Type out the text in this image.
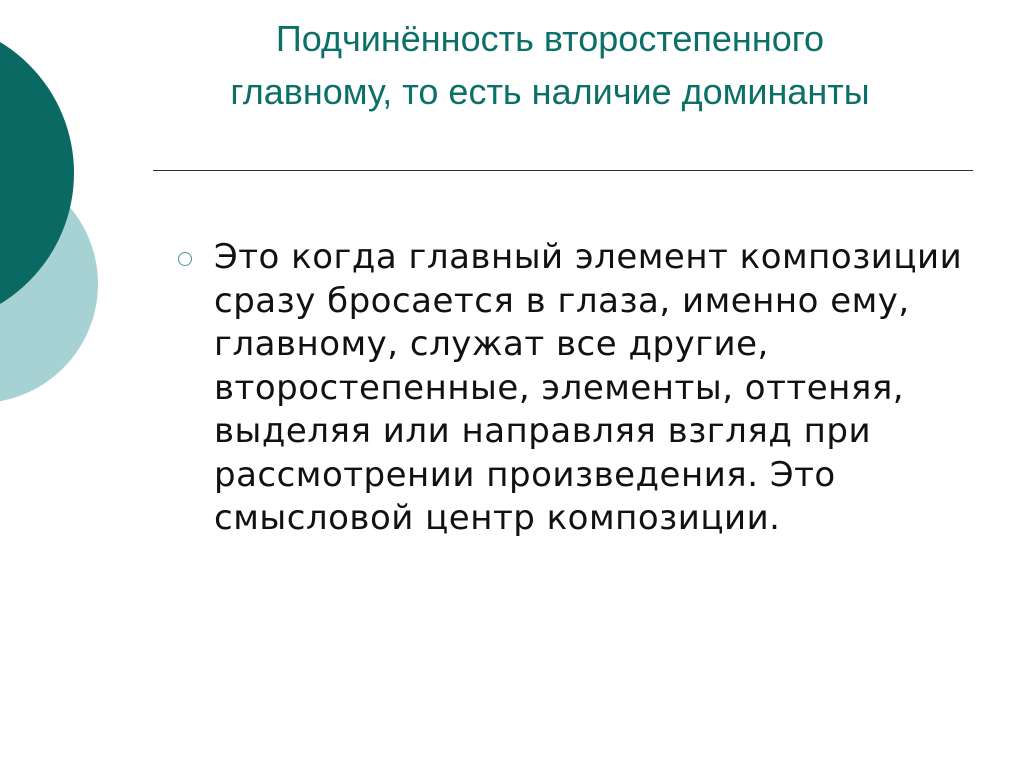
Подчинённость второстепенного главному, то есть наличие доминанты

Это когда главный элемент композиции сразу бросается в глаза, именно ему, главному, служат все другие, второстепенные, элементы, оттеняя, выделяя или направляя взгляд при рассмотрении произведения. Это смысловой центр композиции.
